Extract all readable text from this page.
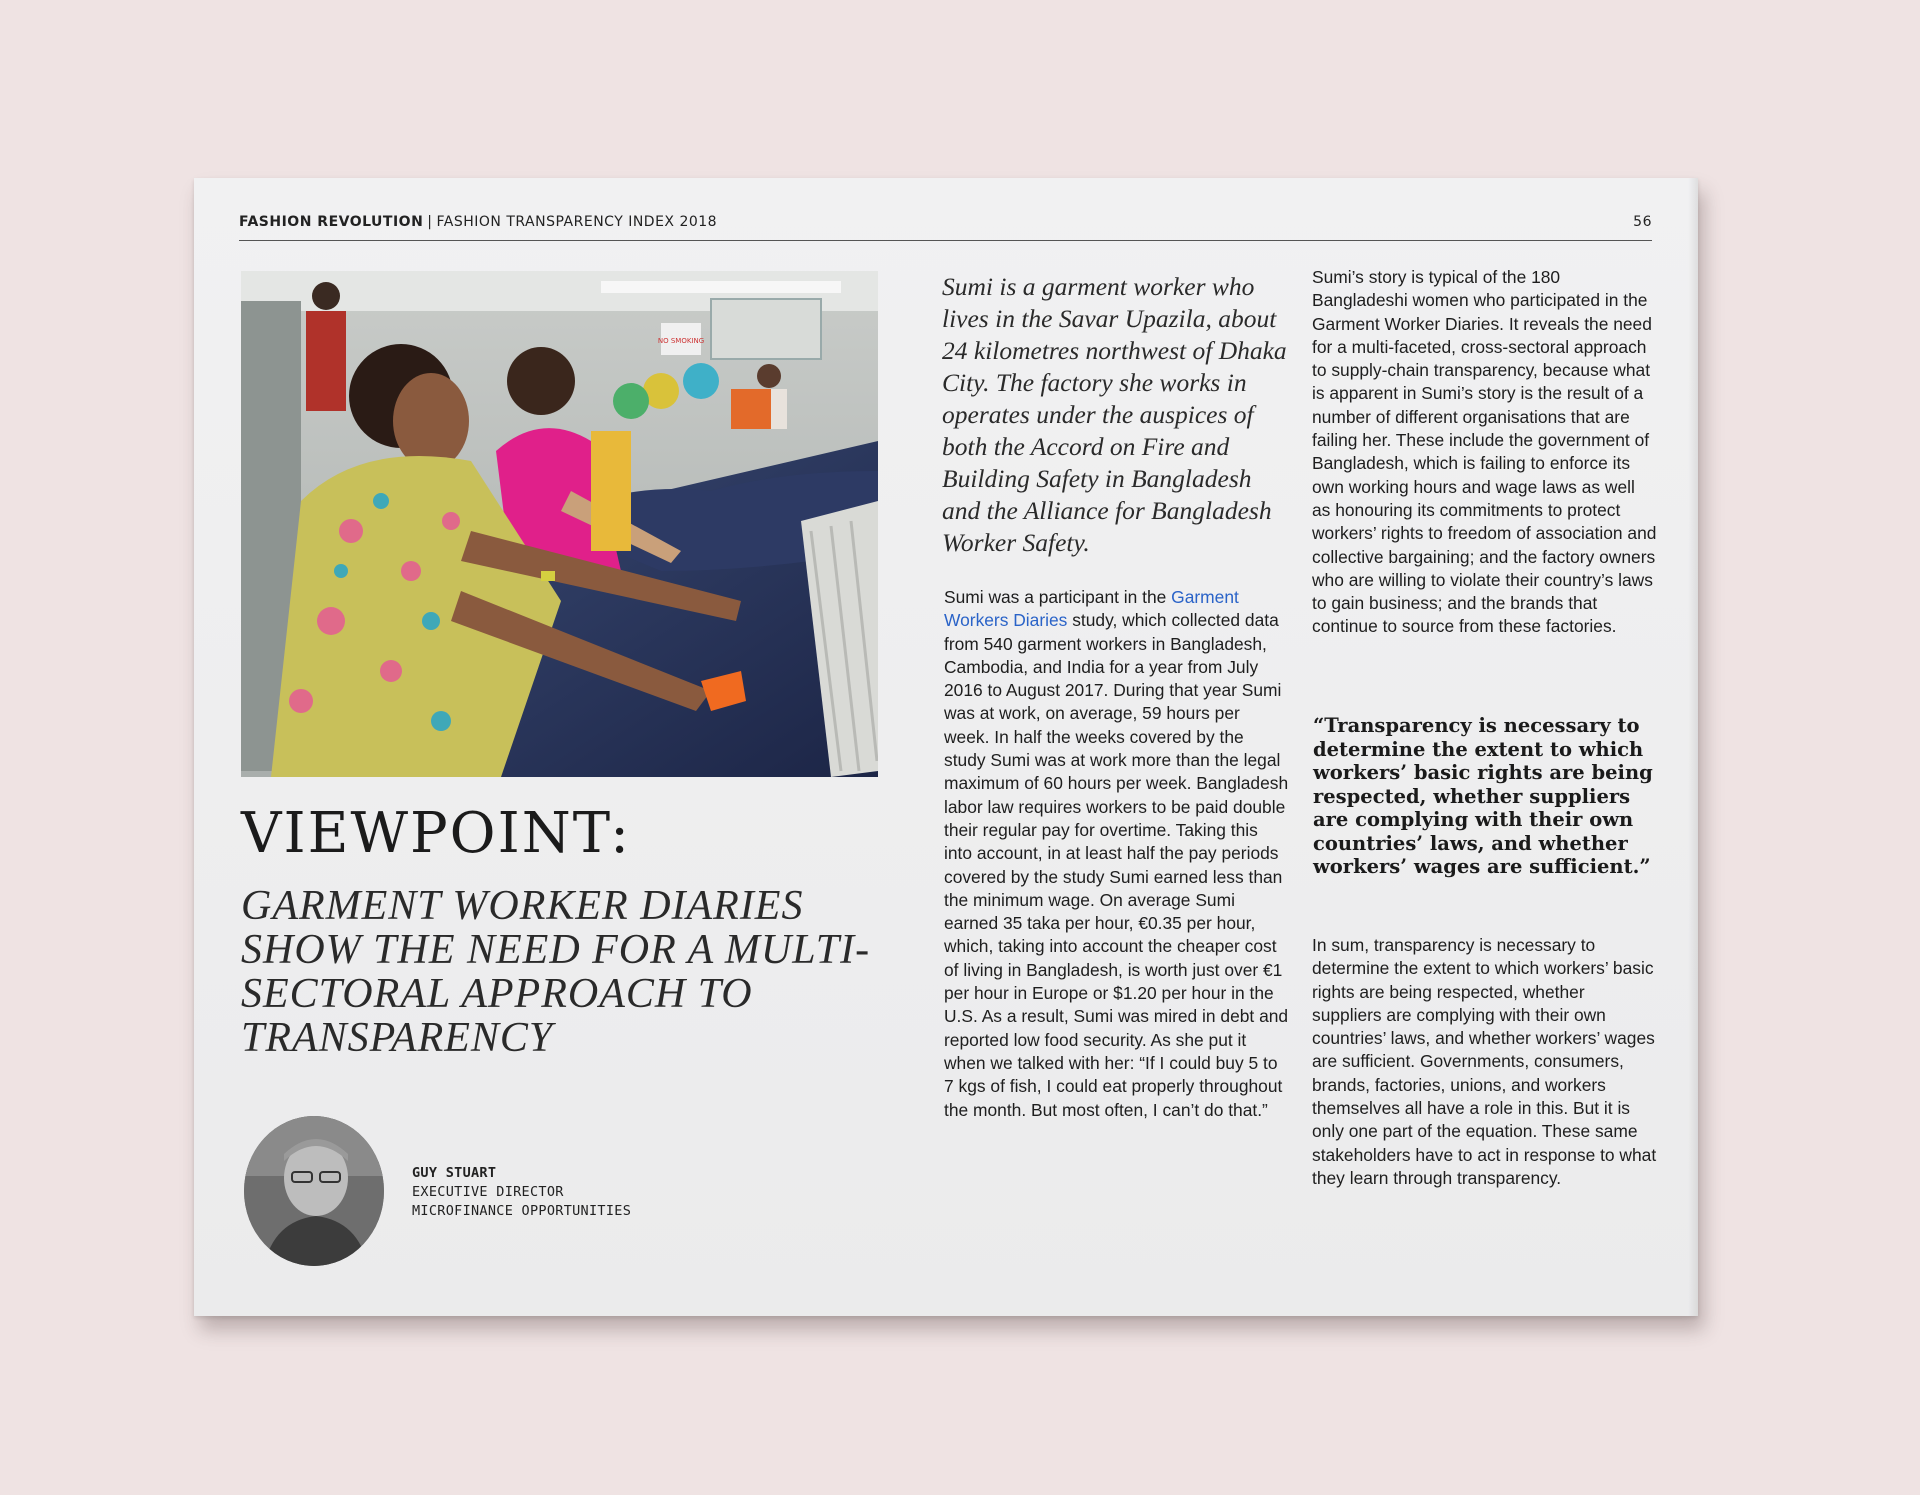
FASHION REVOLUTION | FASHION TRANSPARENCY INDEX 2018	56
NO SMOKING
VIEWPOINT:
GARMENT WORKER DIARIES SHOW THE NEED FOR A MULTI-SECTORAL APPROACH TO TRANSPARENCY
GUY STUART
EXECUTIVE DIRECTOR
MICROFINANCE OPPORTUNITIES
Sumi is a garment worker who lives in the Savar Upazila, about 24 kilometres northwest of Dhaka City. The factory she works in operates under the auspices of both the Accord on Fire and Building Safety in Bangladesh and the Alliance for Bangladesh Worker Safety.

Sumi was a participant in the Garment Workers Diaries study, which collected data from 540 garment workers in Bangladesh, Cambodia, and India for a year from July 2016 to August 2017. During that year Sumi was at work, on average, 59 hours per week. In half the weeks covered by the study Sumi was at work more than the legal maximum of 60 hours per week. Bangladesh labor law requires workers to be paid double their regular pay for overtime. Taking this into account, in at least half the pay periods covered by the study Sumi earned less than the minimum wage. On average Sumi earned 35 taka per hour, €0.35 per hour, which, taking into account the cheaper cost of living in Bangladesh, is worth just over €1 per hour in Europe or $1.20 per hour in the U.S. As a result, Sumi was mired in debt and reported low food security. As she put it when we talked with her: “If I could buy 5 to 7 kgs of fish, I could eat properly throughout the month. But most often, I can’t do that.”

Sumi’s story is typical of the 180 Bangladeshi women who participated in the Garment Worker Diaries. It reveals the need for a multi-faceted, cross-sectoral approach to supply-chain transparency, because what is apparent in Sumi’s story is the result of a number of different organisations that are failing her. These include the government of Bangladesh, which is failing to enforce its own working hours and wage laws as well as honouring its commitments to protect workers’ rights to freedom of association and collective bargaining; and the factory owners who are willing to violate their country’s laws to gain business; and the brands that continue to source from these factories.
“Transparency is necessary to determine the extent to which workers’ basic rights are being respected, whether suppliers are complying with their own countries’ laws, and whether workers’ wages are sufficient.”
In sum, transparency is necessary to determine the extent to which workers’ basic rights are being respected, whether suppliers are complying with their own countries’ laws, and whether workers’ wages are sufficient. Governments, consumers, brands, factories, unions, and workers themselves all have a role in this. But it is only one part of the equation. These same stakeholders have to act in response to what they learn through transparency.
